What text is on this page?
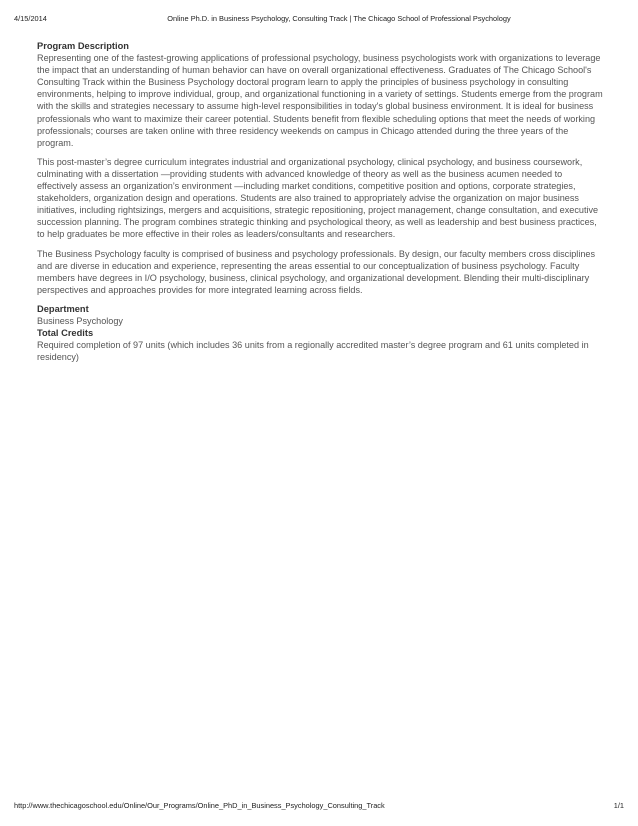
4/15/2014	Online Ph.D. in Business Psychology, Consulting Track | The Chicago School of Professional Psychology

Program Description

Representing one of the fastest-growing applications of professional psychology, business psychologists work with organizations to leverage the impact that an understanding of human behavior can have on overall organizational effectiveness. Graduates of The Chicago School's Consulting Track within the Business Psychology doctoral program learn to apply the principles of business psychology in consulting environments, helping to improve individual, group, and organizational functioning in a variety of settings. Students emerge from the program with the skills and strategies necessary to assume high-level responsibilities in today's global business environment. It is ideal for business professionals who want to maximize their career potential. Students benefit from flexible scheduling options that meet the needs of working professionals; courses are taken online with three residency weekends on campus in Chicago attended during the three years of the program.

This post-master’s degree curriculum integrates industrial and organizational psychology, clinical psychology, and business coursework, culminating with a dissertation —providing students with advanced knowledge of theory as well as the business acumen needed to effectively assess an organization’s environment —including market conditions, competitive position and options, corporate strategies, stakeholders, organization design and operations. Students are also trained to appropriately advise the organization on major business initiatives, including rightsizings, mergers and acquisitions, strategic repositioning, project management, change consultation, and executive succession planning. The program combines strategic thinking and psychological theory, as well as leadership and best business practices, to help graduates be more effective in their roles as leaders/consultants and researchers.

The Business Psychology faculty is comprised of business and psychology professionals. By design, our faculty members cross disciplines and are diverse in education and experience, representing the areas essential to our conceptualization of business psychology. Faculty members have degrees in I/O psychology, business, clinical psychology, and organizational development. Blending their multi-disciplinary perspectives and approaches provides for more integrated learning across fields.

Department

Business Psychology

Total Credits

Required completion of 97 units (which includes 36 units from a regionally accredited master’s degree program and 61 units completed in residency)

http://www.thechicagoschool.edu/Online/Our_Programs/Online_PhD_in_Business_Psychology_Consulting_Track	1/1
